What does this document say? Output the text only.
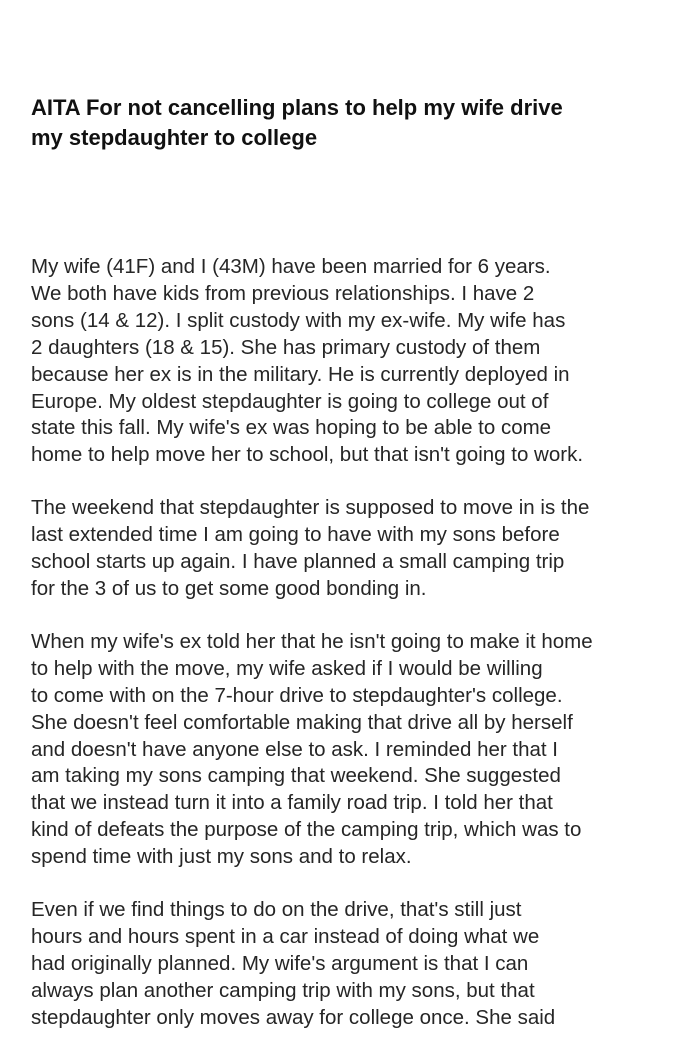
AITA For not cancelling plans to help my wife drive
my stepdaughter to college

My wife (41F) and I (43M) have been married for 6 years.
We both have kids from previous relationships. I have 2
sons (14 & 12). I split custody with my ex-wife. My wife has
2 daughters (18 & 15). She has primary custody of them
because her ex is in the military. He is currently deployed in
Europe. My oldest stepdaughter is going to college out of
state this fall. My wife's ex was hoping to be able to come
home to help move her to school, but that isn't going to work.

The weekend that stepdaughter is supposed to move in is the
last extended time I am going to have with my sons before
school starts up again. I have planned a small camping trip
for the 3 of us to get some good bonding in.

When my wife's ex told her that he isn't going to make it home
to help with the move, my wife asked if I would be willing
to come with on the 7-hour drive to stepdaughter's college.
She doesn't feel comfortable making that drive all by herself
and doesn't have anyone else to ask. I reminded her that I
am taking my sons camping that weekend. She suggested
that we instead turn it into a family road trip. I told her that
kind of defeats the purpose of the camping trip, which was to
spend time with just my sons and to relax.

Even if we find things to do on the drive, that's still just
hours and hours spent in a car instead of doing what we
had originally planned. My wife's argument is that I can
always plan another camping trip with my sons, but that
stepdaughter only moves away for college once. She said
